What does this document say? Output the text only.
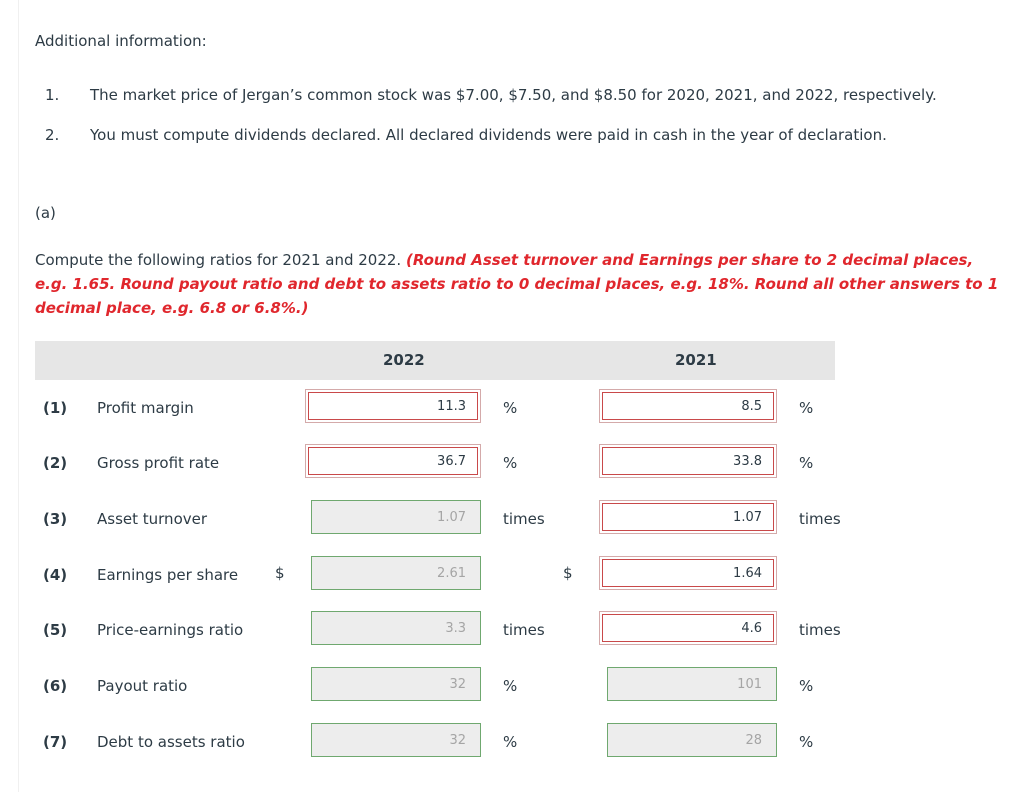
Additional information:
1. The market price of Jergan’s common stock was $7.00, $7.50, and $8.50 for 2020, 2021, and 2022, respectively.
2. You must compute dividends declared. All declared dividends were paid in cash in the year of declaration.
(a)
Compute the following ratios for 2021 and 2022. (Round Asset turnover and Earnings per share to 2 decimal places, e.g. 1.65. Round payout ratio and debt to assets ratio to 0 decimal places, e.g. 18%. Round all other answers to 1 decimal place, e.g. 6.8 or 6.8%.)
2022	2021
(1) Profit margin	11.3	%	8.5	%
(2) Gross profit rate	36.7	%	33.8	%
(3) Asset turnover	1.07	times	1.07	times
(4) Earnings per share $	2.61	$	1.64
(5) Price-earnings ratio	3.3	times	4.6	times
(6) Payout ratio	32	%	101	%
(7) Debt to assets ratio	32	%	28	%
